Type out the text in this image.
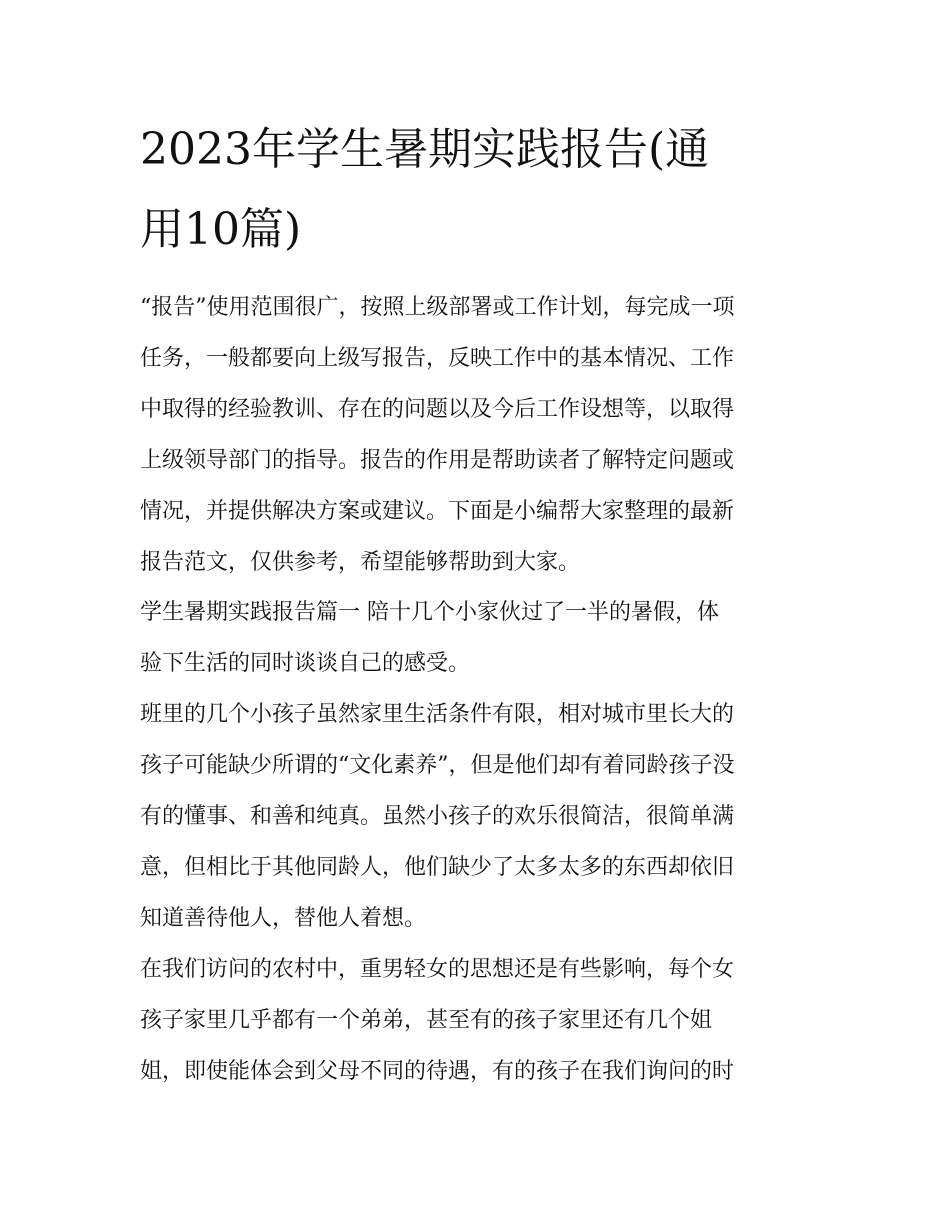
2023年学生暑期实践报告(通
用10篇)

“报告”使用范围很广，按照上级部署或工作计划，每完成一项
任务，一般都要向上级写报告，反映工作中的基本情况、工作
中取得的经验教训、存在的问题以及今后工作设想等，以取得
上级领导部门的指导。报告的作用是帮助读者了解特定问题或
情况，并提供解决方案或建议。下面是小编帮大家整理的最新
报告范文，仅供参考，希望能够帮助到大家。

学生暑期实践报告篇一 陪十几个小家伙过了一半的暑假，体
验下生活的同时谈谈自己的感受。

班里的几个小孩子虽然家里生活条件有限，相对城市里长大的
孩子可能缺少所谓的“文化素养”，但是他们却有着同龄孩子没
有的懂事、和善和纯真。虽然小孩子的欢乐很简洁，很简单满
意，但相比于其他同龄人，他们缺少了太多太多的东西却依旧
知道善待他人，替他人着想。

在我们访问的农村中，重男轻女的思想还是有些影响，每个女
孩子家里几乎都有一个弟弟，甚至有的孩子家里还有几个姐
姐，即使能体会到父母不同的待遇，有的孩子在我们询问的时
